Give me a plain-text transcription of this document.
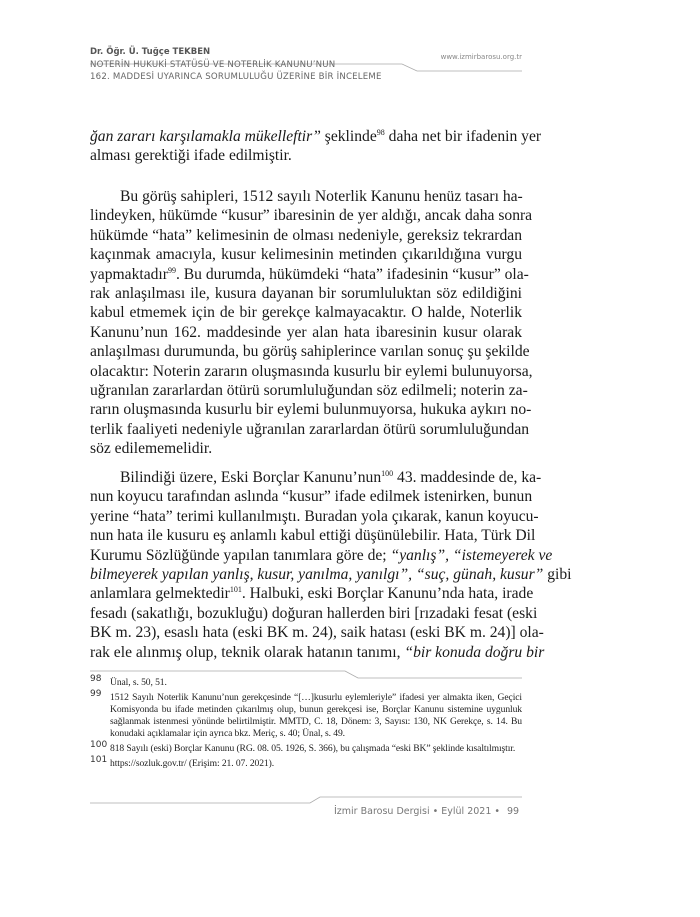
Dr. Öğr. Ü. Tuğçe TEKBEN	www.izmirbarosu.org.tr
NOTERİN HUKUKİ STATÜSÜ VE NOTERLİK KANUNU’NUN
162. MADDESİ UYARINCA SORUMLULUĞU ÜZERİNE BİR İNCELEME
ğan zararı karşılamakla mükelleftir” şeklinde$^{98}$ daha net bir ifadenin yer
alması gerektiği ifade edilmiştir.
Bu görüş sahipleri, 1512 sayılı Noterlik Kanunu henüz tasarı ha-
lindeyken, hükümde “kusur” ibaresinin de yer aldığı, ancak daha sonra
hükümde “hata” kelimesinin de olması nedeniyle, gereksiz tekrardan
kaçınmak amacıyla, kusur kelimesinin metinden çıkarıldığına vurgu
yapmaktadır$^{99}$. Bu durumda, hükümdeki “hata” ifadesinin “kusur” ola-
rak anlaşılması ile, kusura dayanan bir sorumluluktan söz edildiğini
kabul etmemek için de bir gerekçe kalmayacaktır. O halde, Noterlik
Kanunu’nun 162. maddesinde yer alan hata ibaresinin kusur olarak
anlaşılması durumunda, bu görüş sahiplerince varılan sonuç şu şekilde
olacaktır: Noterin zararın oluşmasında kusurlu bir eylemi bulunuyorsa,
uğranılan zararlardan ötürü sorumluluğundan söz edilmeli; noterin za-
rarın oluşmasında kusurlu bir eylemi bulunmuyorsa, hukuka aykırı no-
terlik faaliyeti nedeniyle uğranılan zararlardan ötürü sorumluluğundan
söz edilememelidir.
Bilindiği üzere, Eski Borçlar Kanunu’nun$^{100}$ 43. maddesinde de, ka-
nun koyucu tarafından aslında “kusur” ifade edilmek istenirken, bunun
yerine “hata” terimi kullanılmıştı. Buradan yola çıkarak, kanun koyucu-
nun hata ile kusuru eş anlamlı kabul ettiği düşünülebilir. Hata, Türk Dil
Kurumu Sözlüğünde yapılan tanımlara göre de; “yanlış”, “istemeyerek ve
bilmeyerek yapılan yanlış, kusur, yanılma, yanılgı”, “suç, günah, kusur” gibi
anlamlara gelmektedir$^{101}$. Halbuki, eski Borçlar Kanunu’nda hata, irade
fesadı (sakatlığı, bozukluğu) doğuran hallerden biri [rızadaki fesat (eski
BK m. 23), esaslı hata (eski BK m. 24), saik hatası (eski BK m. 24)] ola-
rak ele alınmış olup, teknik olarak hatanın tanımı, “bir konuda doğru bir
98 Ünal, s. 50, 51.
99 1512 Sayılı Noterlik Kanunu’nun gerekçesinde “[…]kusurlu eylemleriyle” ifadesi yer almakta iken, Geçici Komisyonda bu ifade metinden çıkarılmış olup, bunun gerekçesi ise, Borçlar Kanunu sistemine uygunluk sağlanmak istenmesi yönünde belirtilmiştir. MMTD, C. 18, Dönem: 3, Sayısı: 130, NK Gerekçe, s. 14. Bu konudaki açıklamalar için ayrıca bkz. Meriç, s. 40; Ünal, s. 49.
100 818 Sayılı (eski) Borçlar Kanunu (RG. 08. 05. 1926, S. 366), bu çalışmada “eski BK” şeklinde kısaltılmıştır.
101 https://sozluk.gov.tr/ (Erişim: 21. 07. 2021).
İzmir Barosu Dergisi • Eylül 2021 • 99
